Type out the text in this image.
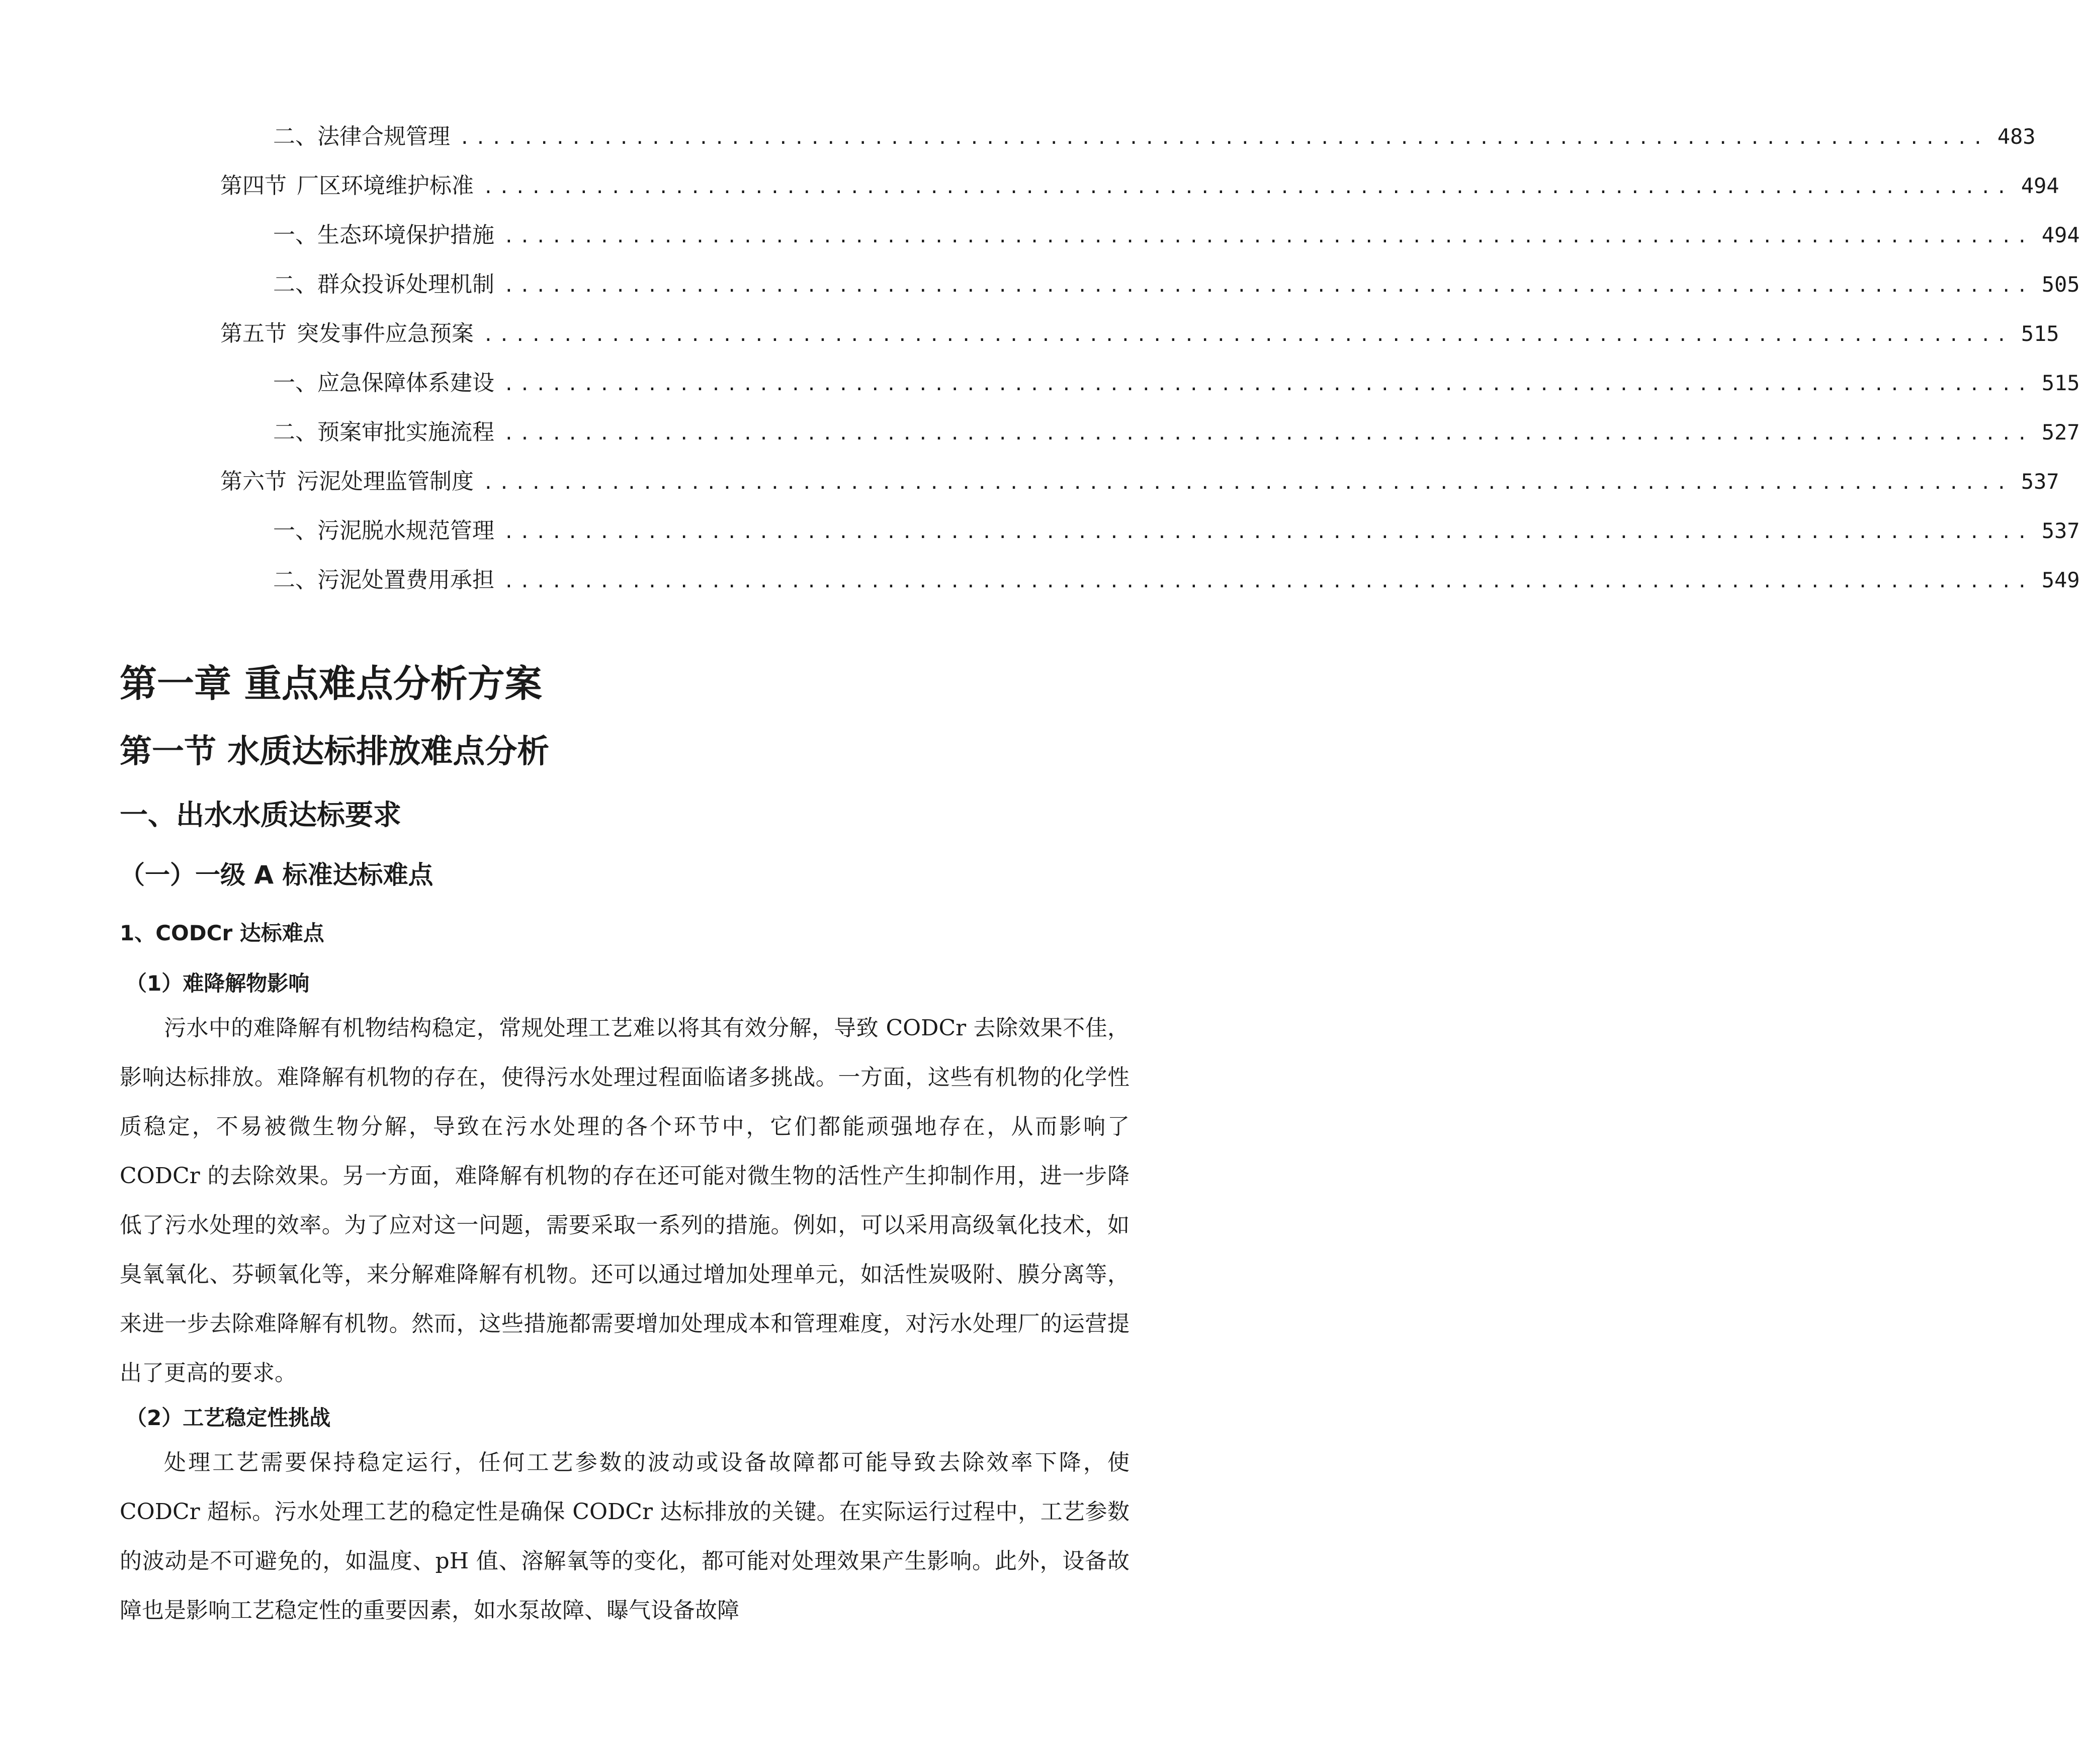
二、 法律合规管理 ................................................................................................ 483
第四节 厂区环境维护标准 ................................................................................................ 494
一、 生态环境保护措施 ................................................................................................ 494
二、 群众投诉处理机制 ................................................................................................ 505
第五节 突发事件应急预案 ................................................................................................ 515
一、 应急保障体系建设 ................................................................................................ 515
二、 预案审批实施流程 ................................................................................................ 527
第六节 污泥处理监管制度 ................................................................................................ 537
一、 污泥脱水规范管理 ................................................................................................ 537
二、 污泥处置费用承担 ................................................................................................ 549
第一章 重点难点分析方案
第一节 水质达标排放难点分析
一、出水水质达标要求
（一）一级 A 标准达标难点
1、CODCr 达标难点
（1）难降解物影响

污水中的难降解有机物结构稳定，常规处理工艺难以将其有效分解，导致 CODCr 去除效果不佳，影响达标排放。难降解有机物的存在，使得污水处理过程面临诸多挑战。一方面，这些有机物的化学性质稳定，不易被微生物分解，导致在污水处理的各个环节中，它们都能顽强地存在，从而影响了 CODCr 的去除效果。另一方面，难降解有机物的存在还可能对微生物的活性产生抑制作用，进一步降低了污水处理的效率。为了应对这一问题，需要采取一系列的措施。例如，可以采用高级氧化技术，如臭氧氧化、芬顿氧化等，来分解难降解有机物。还可以通过增加处理单元，如活性炭吸附、膜分离等，来进一步去除难降解有机物。然而，这些措施都需要增加处理成本和管理难度，对污水处理厂的运营提出了更高的要求。

（2）工艺稳定性挑战

处理工艺需要保持稳定运行，任何工艺参数的波动或设备故障都可能导致去除效率下降，使 CODCr 超标。污水处理工艺的稳定性是确保 CODCr 达标排放的关键。在实际运行过程中，工艺参数的波动是不可避免的，如温度、pH 值、溶解氧等的变化，都可能对处理效果产生影响。此外，设备故障也是影响工艺稳定性的重要因素，如水泵故障、曝气设备故障
